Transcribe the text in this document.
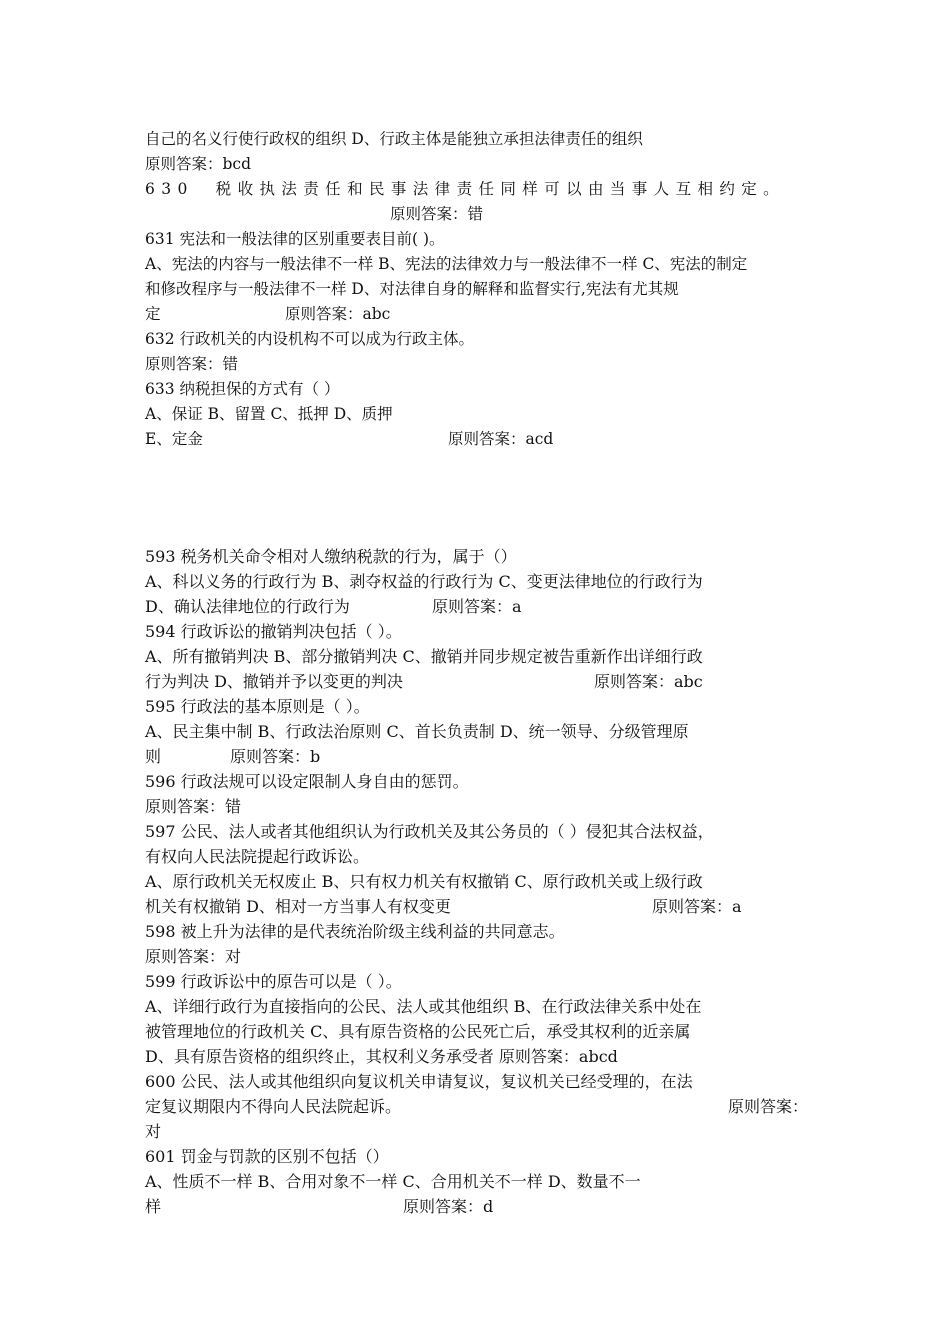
自己的名义行使行政权的组织 D、行政主体是能独立承担法律责任的组织
原则答案：bcd
630　税收执法责任和民事法律责任同样可以由当事人互相约定。
原则答案：错
631 宪法和一般法律的区别重要表目前( )。
A、宪法的内容与一般法律不一样 B、宪法的法律效力与一般法律不一样 C、宪法的制定
和修改程序与一般法律不一样 D、对法律自身的解释和监督实行,宪法有尤其规
定	原则答案：abc
632 行政机关的内设机构不可以成为行政主体。
原则答案：错
633 纳税担保的方式有（ ）
A、保证 B、留置 C、抵押 D、质押
E、定金	原则答案：acd
593 税务机关命令相对人缴纳税款的行为，属于（）
A、科以义务的行政行为 B、剥夺权益的行政行为 C、变更法律地位的行政行为
D、确认法律地位的行政行为	原则答案：a
594 行政诉讼的撤销判决包括（ ）。
A、所有撤销判决 B、部分撤销判决 C、撤销并同步规定被告重新作出详细行政
行为判决 D、撤销并予以变更的判决	原则答案：abc
595 行政法的基本原则是（ ）。
A、民主集中制 B、行政法治原则 C、首长负责制 D、统一领导、分级管理原
则	原则答案：b
596 行政法规可以设定限制人身自由的惩罚。
原则答案：错
597 公民、法人或者其他组织认为行政机关及其公务员的（ ）侵犯其合法权益，
有权向人民法院提起行政诉讼。
A、原行政机关无权废止 B、只有权力机关有权撤销 C、原行政机关或上级行政
机关有权撤销 D、相对一方当事人有权变更	原则答案：a
598 被上升为法律的是代表统治阶级主线利益的共同意志。
原则答案：对
599 行政诉讼中的原告可以是（ ）。
A、详细行政行为直接指向的公民、法人或其他组织 B、在行政法律关系中处在
被管理地位的行政机关 C、具有原告资格的公民死亡后，承受其权利的近亲属
D、具有原告资格的组织终止，其权利义务承受者 原则答案：abcd
600 公民、法人或其他组织向复议机关申请复议，复议机关已经受理的，在法
定复议期限内不得向人民法院起诉。	原则答案：
对
601 罚金与罚款的区别不包括（）
A、性质不一样 B、合用对象不一样 C、合用机关不一样 D、数量不一
样	原则答案：d
